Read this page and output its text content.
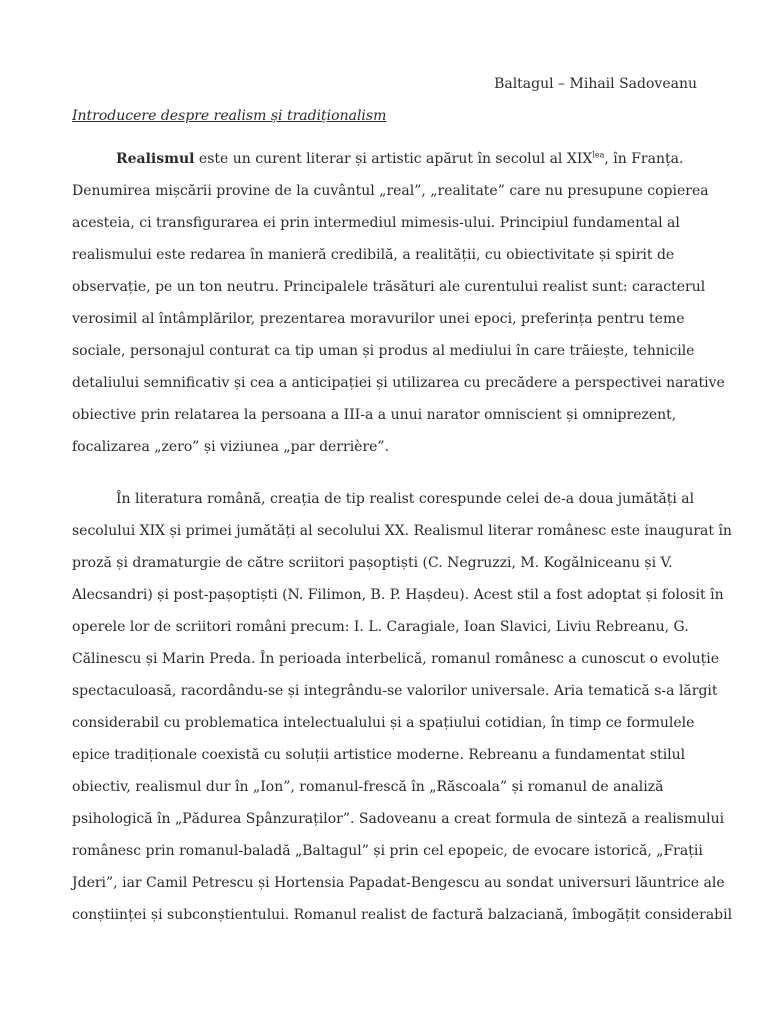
Baltagul – Mihail Sadoveanu
Introducere despre realism și tradiționalism
Realismul este un curent literar și artistic apărut în secolul al $XIX^{lea}$, în Franța.
Denumirea mișcării provine de la cuvântul „real”, „realitate” care nu presupune copierea
acesteia, ci transfigurarea ei prin intermediul mimesis-ului. Principiul fundamental al
realismului este redarea în manieră credibilă, a realității, cu obiectivitate și spirit de
observație, pe un ton neutru. Principalele trăsături ale curentului realist sunt: caracterul
verosimil al întâmplărilor, prezentarea moravurilor unei epoci, preferința pentru teme
sociale, personajul conturat ca tip uman și produs al mediului în care trăiește, tehnicile
detaliului semnificativ și cea a anticipației și utilizarea cu precădere a perspectivei narative
obiective prin relatarea la persoana a III-a a unui narator omniscient și omniprezent,
focalizarea „zero” și viziunea „par derrière”.
În literatura română, creația de tip realist corespunde celei de-a doua jumătăți al
secolului XIX și primei jumătăți al secolului XX. Realismul literar românesc este inaugurat în
proză și dramaturgie de către scriitori pașoptiști (C. Negruzzi, M. Kogălniceanu și V.
Alecsandri) și post-pașoptiști (N. Filimon, B. P. Hașdeu). Acest stil a fost adoptat și folosit în
operele lor de scriitori români precum: I. L. Caragiale, Ioan Slavici, Liviu Rebreanu, G.
Călinescu și Marin Preda. În perioada interbelică, romanul românesc a cunoscut o evoluție
spectaculoasă, racordându-se și integrându-se valorilor universale. Aria tematică s-a lărgit
considerabil cu problematica intelectualului și a spațiului cotidian, în timp ce formulele
epice tradiționale coexistă cu soluții artistice moderne. Rebreanu a fundamentat stilul
obiectiv, realismul dur în „Ion”, romanul-frescă în „Răscoala” și romanul de analiză
psihologică în „Pădurea Spânzuraților”. Sadoveanu a creat formula de sinteză a realismului
românesc prin romanul-baladă „Baltagul” și prin cel epopeic, de evocare istorică, „Frații
Jderi”, iar Camil Petrescu și Hortensia Papadat-Bengescu au sondat universuri lăuntrice ale
conștiinței și subconștientului. Romanul realist de factură balzaciană, îmbogățit considerabil
